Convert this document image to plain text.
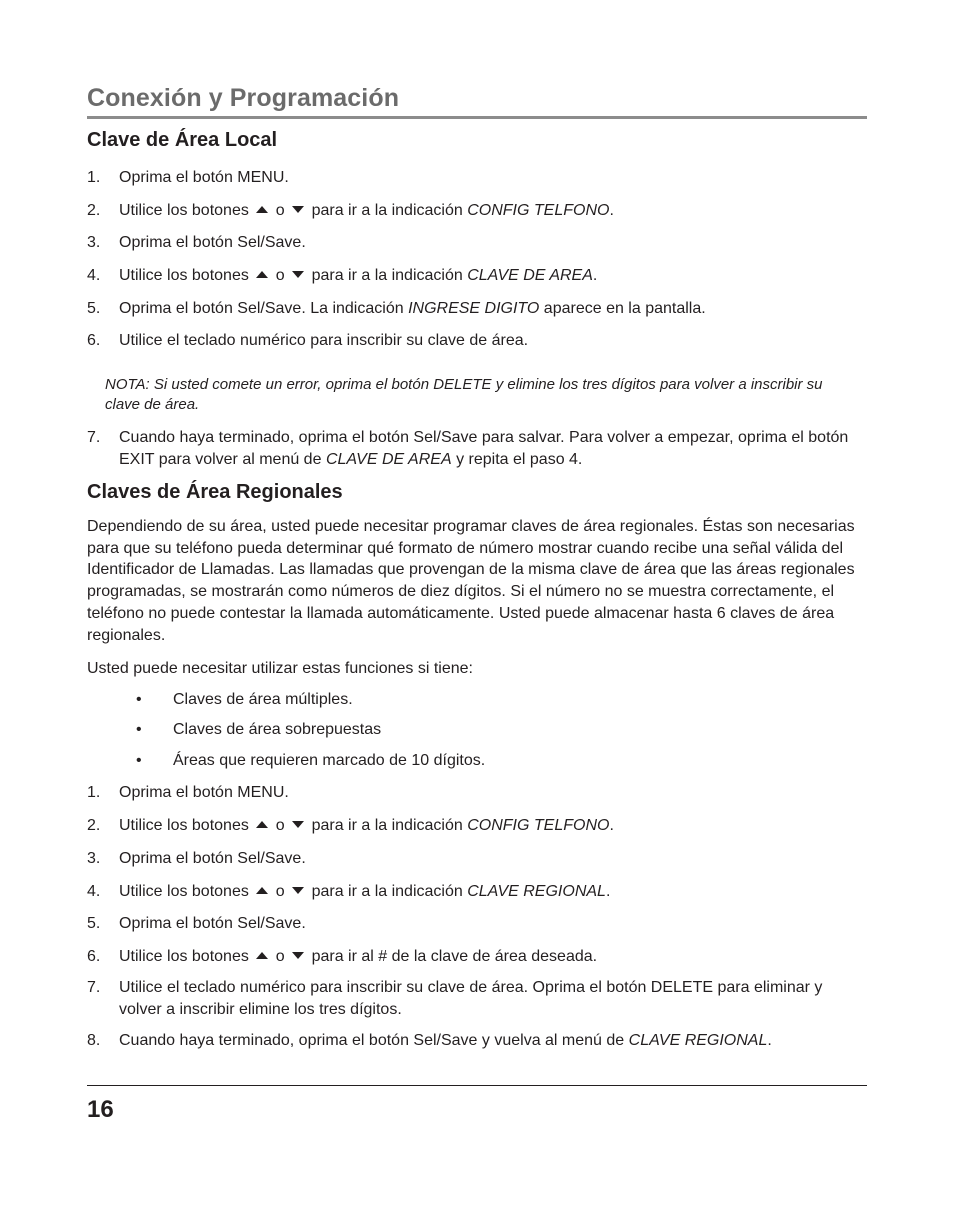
Conexión y Programación
Clave de Área Local
1. Oprima el botón MENU.
2. Utilice los botones o para ir a la indicación CONFIG TELFONO.
3. Oprima el botón Sel/Save.
4. Utilice los botones o para ir a la indicación CLAVE DE AREA.
5. Oprima el botón Sel/Save. La indicación INGRESE DIGITO aparece en la pantalla.
6. Utilice el teclado numérico para inscribir su clave de área.
NOTA: Si usted comete un error, oprima el botón DELETE y elimine los tres dígitos para volver a inscribir su clave de área.
7. Cuando haya terminado, oprima el botón Sel/Save para salvar. Para volver a empezar, oprima el botón EXIT para volver al menú de CLAVE DE AREA y repita el paso 4.
Claves de Área Regionales
Dependiendo de su área, usted puede necesitar programar claves de área regionales. Éstas son necesarias para que su teléfono pueda determinar qué formato de número mostrar cuando recibe una señal válida del Identificador de Llamadas. Las llamadas que provengan de la misma clave de área que las áreas regionales programadas, se mostrarán como números de diez dígitos. Si el número no se muestra correctamente, el teléfono no puede contestar la llamada automáticamente. Usted puede almacenar hasta 6 claves de área regionales.
Usted puede necesitar utilizar estas funciones si tiene:
• Claves de área múltiples.
• Claves de área sobrepuestas
• Áreas que requieren marcado de 10 dígitos.
1. Oprima el botón MENU.
2. Utilice los botones o para ir a la indicación CONFIG TELFONO.
3. Oprima el botón Sel/Save.
4. Utilice los botones o para ir a la indicación CLAVE REGIONAL.
5. Oprima el botón Sel/Save.
6. Utilice los botones o para ir al # de la clave de área deseada.
7. Utilice el teclado numérico para inscribir su clave de área. Oprima el botón DELETE para eliminar y volver a inscribir elimine los tres dígitos.
8. Cuando haya terminado, oprima el botón Sel/Save y vuelva al menú de CLAVE REGIONAL.
16
